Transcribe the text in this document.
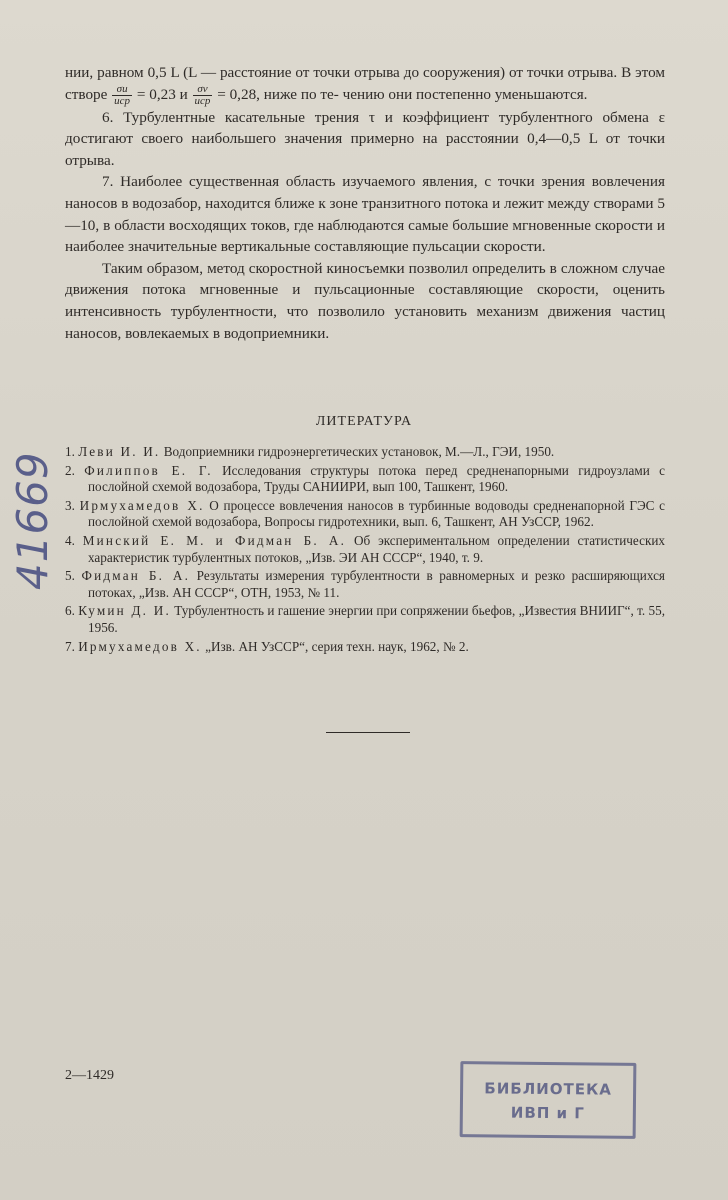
нии, равном 0,5 L (L — расстояние от точки отрыва до сооружения) от точки отрыва. В этом створе $\frac{\sigma u}{\text{uср}} = 0,23$ и $\frac{\sigma v}{\text{uср}} = 0,28$, ниже по те- чению они постепенно уменьшаются.

6. Турбулентные касательные трения τ и коэффициент турбулентного обмена ε достигают своего наибольшего значения примерно на расстоянии 0,4—0,5 L от точки отрыва.

7. Наиболее существенная область изучаемого явления, с точки зрения вовлечения наносов в водозабор, находится ближе к зоне транзитного потока и лежит между створами 5—10, в области восходящих токов, где наблюдаются самые большие мгновенные скорости и наиболее значительные вертикальные составляющие пульсации скорости.

Таким образом, метод скоростной киносъемки позволил определить в сложном случае движения потока мгновенные и пульсационные составляющие скорости, оценить интенсивность турбулентности, что позволило установить механизм движения частиц наносов, вовлекаемых в водоприемники.

ЛИТЕРАТУРА

1. Леви И. И. Водоприемники гидроэнергетических установок, М.—Л., ГЭИ, 1950.

2. Филиппов Е. Г. Исследования структуры потока перед средненапорными гидроузлами с послойной схемой водозабора, Труды САНИИРИ, вып 100, Ташкент, 1960.

3. Ирмухамедов Х. О процессе вовлечения наносов в турбинные водоводы средненапорной ГЭС с послойной схемой водозабора, Вопросы гидротехники, вып. 6, Ташкент, АН УзССР, 1962.

4. Минский Е. М. и Фидман Б. А. Об экспериментальном определении статистических характеристик турбулентных потоков, „Изв. ЭИ АН СССР“, 1940, т. 9.

5. Фидман Б. А. Результаты измерения турбулентности в равномерных и резко расширяющихся потоках, „Изв. АН СССР“, ОТН, 1953, № 11.

6. Кумин Д. И. Турбулентность и гашение энергии при сопряжении бьефов, „Известия ВНИИГ“, т. 55, 1956.

7. Ирмухамедов Х. „Изв. АН УзССР“, серия техн. наук, 1962, № 2.

2—1429
41669
БИБЛИОТЕКА
ИВП и Г
